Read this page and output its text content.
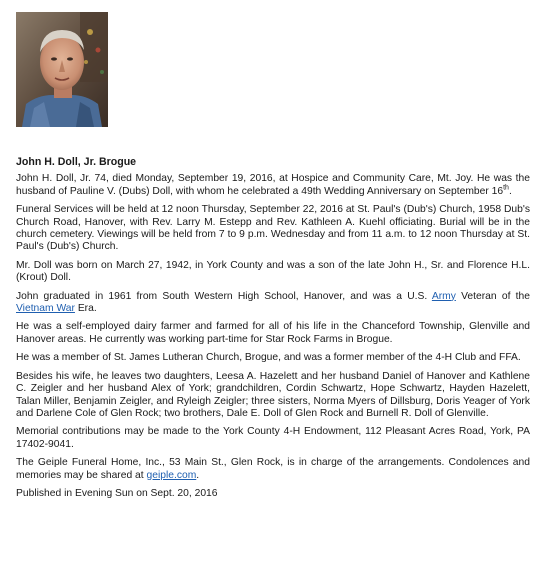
John H. Doll, Jr. Brogue

John H. Doll, Jr. 74, died Monday, September 19, 2016, at Hospice and Community Care, Mt. Joy. He was the husband of Pauline V. (Dubs) Doll, with whom he celebrated a 49th Wedding Anniversary on September 16th.

Funeral Services will be held at 12 noon Thursday, September 22, 2016 at St. Paul's (Dub's) Church, 1958 Dub's Church Road, Hanover, with Rev. Larry M. Estepp and Rev. Kathleen A. Kuehl officiating. Burial will be in the church cemetery. Viewings will be held from 7 to 9 p.m. Wednesday and from 11 a.m. to 12 noon Thursday at St. Paul's (Dub's) Church.

Mr. Doll was born on March 27, 1942, in York County and was a son of the late John H., Sr. and Florence H.L. (Krout) Doll.

John graduated in 1961 from South Western High School, Hanover, and was a U.S. Army Veteran of the Vietnam War Era.

He was a self-employed dairy farmer and farmed for all of his life in the Chanceford Township, Glenville and Hanover areas. He currently was working part-time for Star Rock Farms in Brogue.

He was a member of St. James Lutheran Church, Brogue, and was a former member of the 4-H Club and FFA.

Besides his wife, he leaves two daughters, Leesa A. Hazelett and her husband Daniel of Hanover and Kathlene C. Zeigler and her husband Alex of York; grandchildren, Cordin Schwartz, Hope Schwartz, Hayden Hazelett, Talan Miller, Benjamin Zeigler, and Ryleigh Zeigler; three sisters, Norma Myers of Dillsburg, Doris Yeager of York and Darlene Cole of Glen Rock; two brothers, Dale E. Doll of Glen Rock and Burnell R. Doll of Glenville.

Memorial contributions may be made to the York County 4-H Endowment, 112 Pleasant Acres Road, York, PA 17402-9041.

The Geiple Funeral Home, Inc., 53 Main St., Glen Rock, is in charge of the arrangements. Condolences and memories may be shared at geiple.com.

Published in Evening Sun on Sept. 20, 2016
